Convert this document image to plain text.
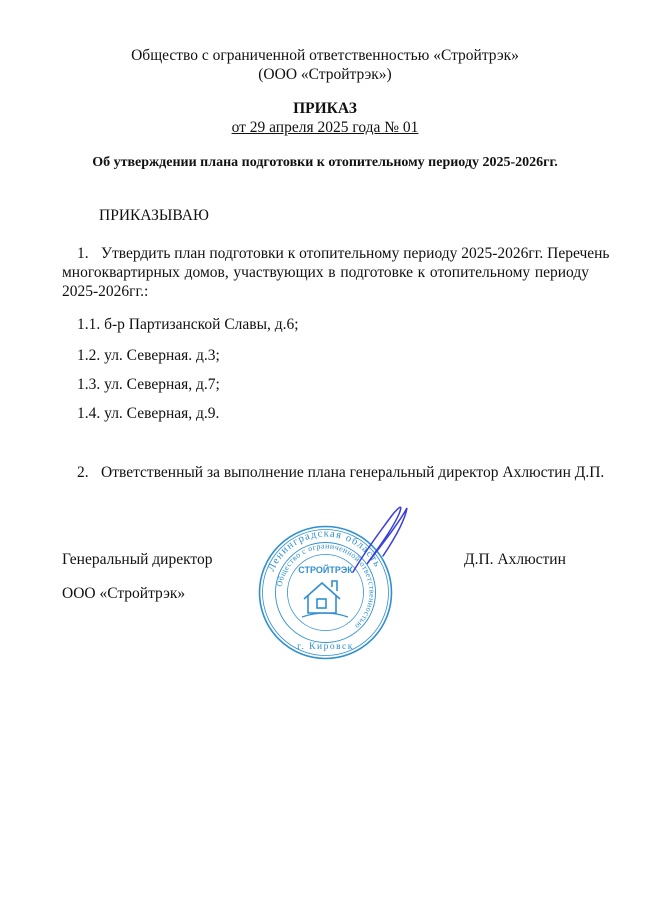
Общество с ограниченной ответственностью «Стройтрэк»
(ООО «Стройтрэк»)
ПРИКАЗ
от 29 апреля 2025 года № 01
Об утверждении плана подготовки к отопительному периоду 2025-2026гг.
ПРИКАЗЫВАЮ
1. Утвердить план подготовки к отопительному периоду 2025-2026гг. Перечень
многоквартирных домов, участвующих в подготовке к отопительному периоду
2025-2026гг.:
1.1. б-р Партизанской Славы, д.6;
1.2. ул. Северная. д.3;
1.3. ул. Северная, д.7;
1.4. ул. Северная, д.9.
2. Ответственный за выполнение плана генеральный директор Ахлюстин Д.П.
Генеральный директор
ООО «Стройтрэк»
Д.П. Ахлюстин
Ленинградская область
Общество с ограниченной ответственностью
СТРОЙТРЭК
г. Кировск
